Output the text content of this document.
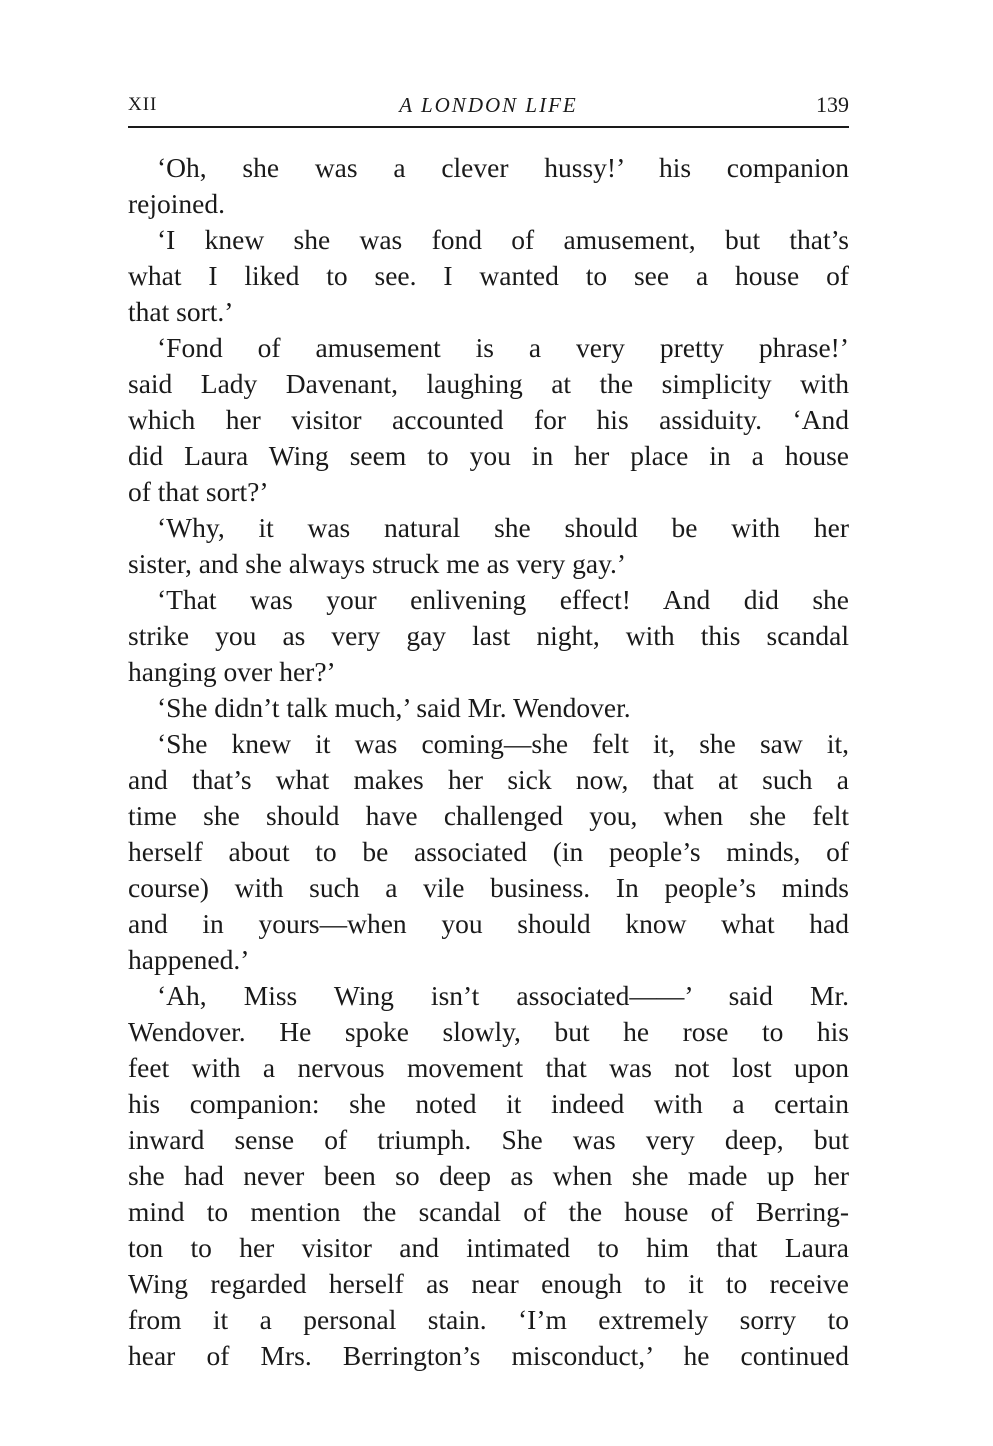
XII	A LONDON LIFE	139
‘Oh, she was a clever hussy!’ his companion
rejoined.
‘I knew she was fond of amusement, but that’s
what I liked to see. I wanted to see a house of
that sort.’
‘Fond of amusement is a very pretty phrase!’
said Lady Davenant, laughing at the simplicity with
which her visitor accounted for his assiduity. ‘And
did Laura Wing seem to you in her place in a house
of that sort?’
‘Why, it was natural she should be with her
sister, and she always struck me as very gay.’
‘That was your enlivening effect! And did she
strike you as very gay last night, with this scandal
hanging over her?’
‘She didn’t talk much,’ said Mr. Wendover.
‘She knew it was coming—she felt it, she saw it,
and that’s what makes her sick now, that at such a
time she should have challenged you, when she felt
herself about to be associated (in people’s minds, of
course) with such a vile business. In people’s minds
and in yours—when you should know what had
happened.’
‘Ah, Miss Wing isn’t associated——’ said Mr.
Wendover. He spoke slowly, but he rose to his
feet with a nervous movement that was not lost upon
his companion: she noted it indeed with a certain
inward sense of triumph. She was very deep, but
she had never been so deep as when she made up her
mind to mention the scandal of the house of Berring-
ton to her visitor and intimated to him that Laura
Wing regarded herself as near enough to it to receive
from it a personal stain. ‘I’m extremely sorry to
hear of Mrs. Berrington’s misconduct,’ he continued
